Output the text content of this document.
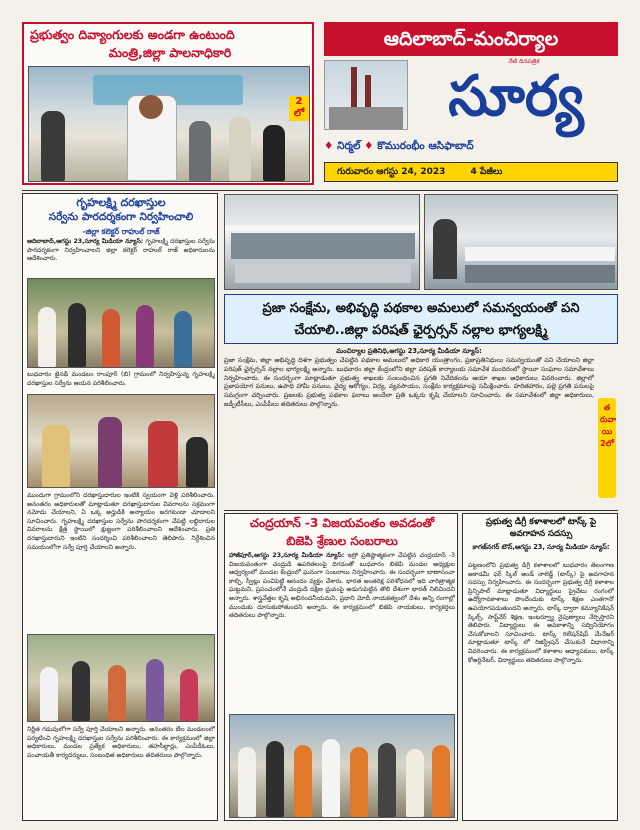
ప్రభుత్వం దివ్యాంగులకు అండగా ఉంటుంది
మంత్రి,జిల్లా పాలనాధికారి
2 లో
ఆదిలాబాద్-మంచిర్యాల
సూర్య
నేటి దినపత్రిక
♦ నిర్మల్ ♦ కొమురంభీం ఆసిఫాబాద్
గురువారం ఆగస్టు 24, 2023	4 పేజీలు
గృహలక్ష్మి దరఖాస్తుల
సర్వేను పారదర్శకంగా నిర్వహించాలి
-జిల్లా కలెక్టర్ రాహుల్ రాజ్
ఆదిలాబాద్,ఆగస్టు 23,సూర్య మీడియా న్యూస్: గృహలక్ష్మి దరఖాస్తుల సర్వేను పారదర్శకంగా నిర్వహించాలని జిల్లా కలెక్టర్ రాహుల్ రాజ్ అధికారులను ఆదేశించారు.
బుధవారం జైనథ్ మండలం రాంపూర్ (బి) గ్రామంలో నిర్వహిస్తున్న గృహలక్ష్మి దరఖాస్తుల సర్వేను ఆయన పరిశీలించారు.
ముందుగా గ్రామంలోని దరఖాస్తుదారుల ఇంటికి స్వయంగా వెళ్లి పరిశీలించారు. అనంతరం అధికారులతో మాట్లాడుతూ దరఖాస్తుదారుల వివరాలను సక్రమంగా నమోదు చేయాలని, ఏ ఒక్క అర్హుడికి అన్యాయం జరగకుండా చూడాలని సూచించారు. గృహలక్ష్మి దరఖాస్తుల సర్వేను పారదర్శకంగా చేపట్టి లబ్ధిదారుల వివరాలను క్షేత్ర స్థాయిలో క్షుణ్ణంగా పరిశీలించాలని ఆదేశించారు. ప్రతి దరఖాస్తుదారుని ఇంటిని సందర్శించి పరిశీలించాలని తెలిపారు. నిర్దేశించిన సమయంలోగా సర్వే పూర్తి చేయాలని అన్నారు.
నిర్ణీత గడువులోగా సర్వే పూర్తి చేయాలని అన్నారు. అనంతరం బేల మండలంలో పర్యటించి గృహలక్ష్మి దరఖాస్తుల సర్వేను పరిశీలించారు. ఈ కార్యక్రమంలో జిల్లా అధికారులు, మండల ప్రత్యేక అధికారులు, తహసీల్దార్లు, ఎంపీడీఓలు, పంచాయతీ కార్యదర్శులు, సంబంధిత అధికారులు తదితరులు పాల్గొన్నారు.
ప్రజా సంక్షేమ, అభివృద్ధి పథకాల అమలులో సమన్వయంతో పని చేయాలి..జిల్లా పరిషత్ ఛైర్పర్సన్ నల్లాల భాగ్యలక్ష్మి
మంచిర్యాల ప్రతినిధి,ఆగస్టు 23,సూర్య మీడియా న్యూస్:
ప్రజా సంక్షేమ, జిల్లా అభివృద్ధి దిశగా ప్రభుత్వం చేపట్టిన పథకాల అమలులో అధికార యంత్రాంగం, ప్రజాప్రతినిధులు సమన్వయంతో పని చేయాలని జిల్లా పరిషత్ ఛైర్పర్సన్ నల్లాల భాగ్యలక్ష్మి అన్నారు. బుధవారం జిల్లా కేంద్రంలోని జిల్లా పరిషత్ కార్యాలయ సమావేశ మందిరంలో స్థాయీ సంఘాల సమావేశాలు నిర్వహించారు. ఈ సందర్భంగా మాట్లాడుతూ ప్రభుత్వ శాఖలకు సంబంధించిన ప్రగతి నివేదికలను ఆయా శాఖల అధికారులు వివరించారు. జిల్లాలో ప్రజాపయోగ పనులు, ఉపాధి హామీ పనులు, వైద్య ఆరోగ్యం, విద్య, వ్యవసాయం, సంక్షేమ కార్యక్రమాలపై సమీక్షించారు. హరితహారం, పల్లె ప్రగతి పనులపై సమగ్రంగా చర్చించారు. ప్రజలకు ప్రభుత్వ పథకాల ఫలాలు అందేలా ప్రతి ఒక్కరు కృషి చేయాలని సూచించారు. ఈ సమావేశంలో జిల్లా అధికారులు, జడ్పీటీసీలు, ఎంపీపీలు తదితరులు పాల్గొన్నారు.	తరువాయి 2లో
చంద్రయాన్ -3 విజయవంతం అవడంతో
బిజెపి శ్రేణుల సంబరాలు
హాజీపూర్,ఆగస్టు 23,సూర్య మీడియా న్యూస్: ఇస్రో ప్రతిష్టాత్మకంగా చేపట్టిన చంద్రయాన్ -3 విజయవంతంగా చంద్రుడి ఉపరితలంపై దిగడంతో బుధవారం బిజెపి మండల అధ్యక్షుల ఆధ్వర్యంలో మండల కేంద్రంలో ఘనంగా సంబరాలు నిర్వహించారు. ఈ సందర్భంగా బాణాసంచా కాల్చి, స్వీట్లు పంచిపెట్టి ఆనందం వ్యక్తం చేశారు. భారత అంతరిక్ష పరిశోధనలో ఇది చారిత్రాత్మక ఘట్టమని, ప్రపంచంలోనే చంద్రుడి దక్షిణ ధ్రువంపై అడుగుపెట్టిన తొలి దేశంగా భారత్ నిలిచిందని అన్నారు. శాస్త్రవేత్తల కృషి అభినందనీయమని, ప్రధాని మోదీ నాయకత్వంలో దేశం అన్ని రంగాల్లో ముందుకు దూసుకుపోతుందని అన్నారు. ఈ కార్యక్రమంలో బిజెపి నాయకులు, కార్యకర్తలు తదితరులు పాల్గొన్నారు.
ప్రభుత్వ డిగ్రీ కళాశాలలో టాస్క్ పై
అవగాహన సదస్సు
కాగజ్‌నగర్ టౌన్,ఆగస్టు 23, సూర్య మీడియా న్యూస్:
పట్టణంలోని ప్రభుత్వ డిగ్రీ కళాశాలలో బుధవారం తెలంగాణ అకాడమీ ఫర్ స్కిల్ అండ్ నాలెడ్జ్ (టాస్క్) పై అవగాహన సదస్సు నిర్వహించారు. ఈ సందర్భంగా ప్రభుత్వ డిగ్రీ కళాశాల ప్రిన్సిపాల్ మాట్లాడుతూ విద్యార్థులు ప్రైవేటు రంగంలో ఉద్యోగావకాశాలు పొందేందుకు టాస్క్ శిక్షణ ఎంతగానో ఉపయోగపడుతుందని అన్నారు. టాస్క్ ద్వారా కమ్యూనికేషన్ స్కిల్స్, సాఫ్ట్‌వేర్ శిక్షణ, ఇంటర్వ్యూ నైపుణ్యాలు నేర్పిస్తారని తెలిపారు. విద్యార్థులు ఈ అవకాశాన్ని సద్వినియోగం చేసుకోవాలని సూచించారు. టాస్క్ రిలేషన్‌షిప్ మేనేజర్ మాట్లాడుతూ టాస్క్ లో రిజిస్ట్రేషన్ చేసుకునే విధానాన్ని వివరించారు. ఈ కార్యక్రమంలో కళాశాల అధ్యాపకులు, టాస్క్ కోఆర్డినేటర్, విద్యార్థులు తదితరులు పాల్గొన్నారు.
